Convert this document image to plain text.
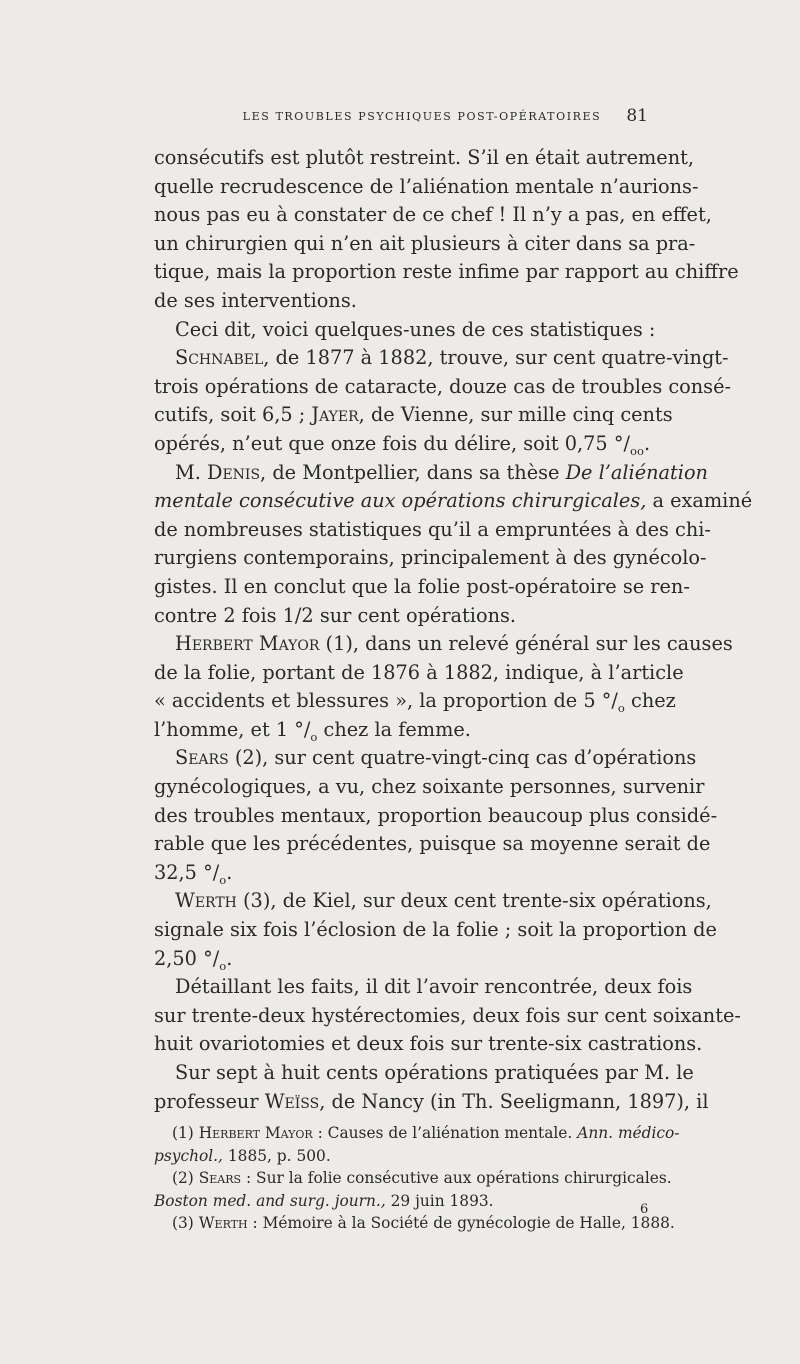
LES TROUBLES PSYCHIQUES POST-OPÉRATOIRES	81
consécutifs est plutôt restreint. S’il en était autrement,
quelle recrudescence de l’aliénation mentale n’aurions-
nous pas eu à constater de ce chef ! Il n’y a pas, en effet,
un chirurgien qui n’en ait plusieurs à citer dans sa pra-
tique, mais la proportion reste infime par rapport au chiffre
de ses interventions.
Ceci dit, voici quelques-unes de ces statistiques :
Schnabel, de 1877 à 1882, trouve, sur cent quatre-vingt-
trois opérations de cataracte, douze cas de troubles consé-
cutifs, soit 6,5 ; Jayer, de Vienne, sur mille cinq cents
opérés, n’eut que onze fois du délire, soit 0,75 $^\circ/_{oo}$.
M. Denis, de Montpellier, dans sa thèse De l’aliénation
mentale consécutive aux opérations chirurgicales, a examiné
de nombreuses statistiques qu’il a empruntées à des chi-
rurgiens contemporains, principalement à des gynécolo-
gistes. Il en conclut que la folie post-opératoire se ren-
contre 2 fois 1/2 sur cent opérations.
Herbert Mayor (1), dans un relevé général sur les causes
de la folie, portant de 1876 à 1882, indique, à l’article
« accidents et blessures », la proportion de 5 $^\circ/_o$ chez
l’homme, et 1 $^\circ/_o$ chez la femme.
Sears (2), sur cent quatre-vingt-cinq cas d’opérations
gynécologiques, a vu, chez soixante personnes, survenir
des troubles mentaux, proportion beaucoup plus considé-
rable que les précédentes, puisque sa moyenne serait de
32,5 $^\circ/_o$.
Werth (3), de Kiel, sur deux cent trente-six opérations,
signale six fois l’éclosion de la folie ; soit la proportion de
2,50 $^\circ/_o$.
Détaillant les faits, il dit l’avoir rencontrée, deux fois
sur trente-deux hystérectomies, deux fois sur cent soixante-
huit ovariotomies et deux fois sur trente-six castrations.
Sur sept à huit cents opérations pratiquées par M. le
professeur Weïss, de Nancy (in Th. Seeligmann, 1897), il
(1) Herbert Mayor : Causes de l’aliénation mentale. Ann. médico-
psychol., 1885, p. 500.
(2) Sears : Sur la folie consécutive aux opérations chirurgicales.
Boston med. and surg. journ., 29 juin 1893.
(3) Werth : Mémoire à la Société de gynécologie de Halle, 1888.
6
